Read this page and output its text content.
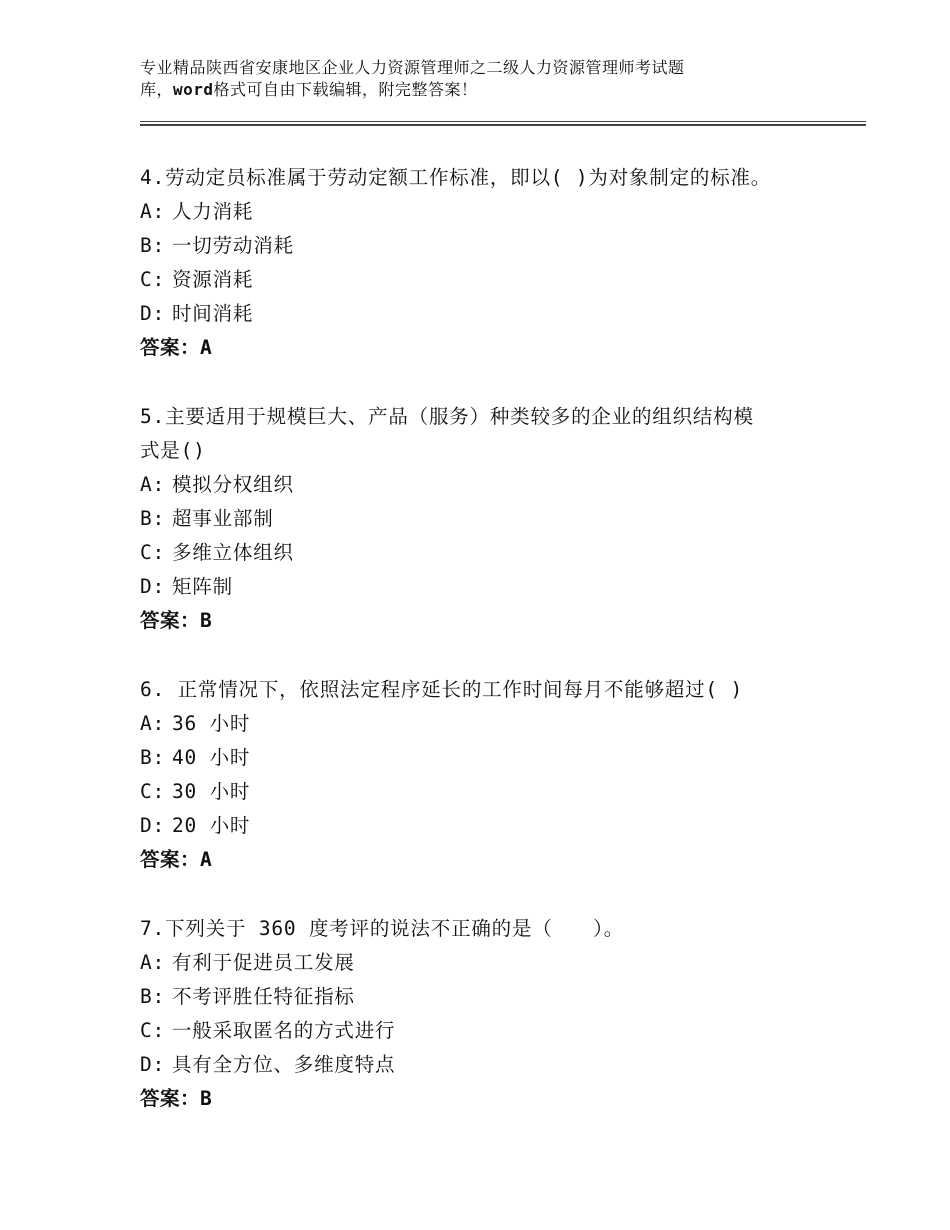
专业精品陕西省安康地区企业人力资源管理师之二级人力资源管理师考试题
库，word格式可自由下载编辑，附完整答案！
4.劳动定员标准属于劳动定额工作标准，即以( )为对象制定的标准。
A: 人力消耗
B: 一切劳动消耗
C: 资源消耗
D: 时间消耗
答案：A
5.主要适用于规模巨大、产品（服务）种类较多的企业的组织结构模
式是()
A: 模拟分权组织
B: 超事业部制
C: 多维立体组织
D: 矩阵制
答案：B
6. 正常情况下，依照法定程序延长的工作时间每月不能够超过( )
A: 36 小时
B: 40 小时
C: 30 小时
D: 20 小时
答案：A
7.下列关于 360 度考评的说法不正确的是（　　）。
A: 有利于促进员工发展
B: 不考评胜任特征指标
C: 一般采取匿名的方式进行
D: 具有全方位、多维度特点
答案：B
